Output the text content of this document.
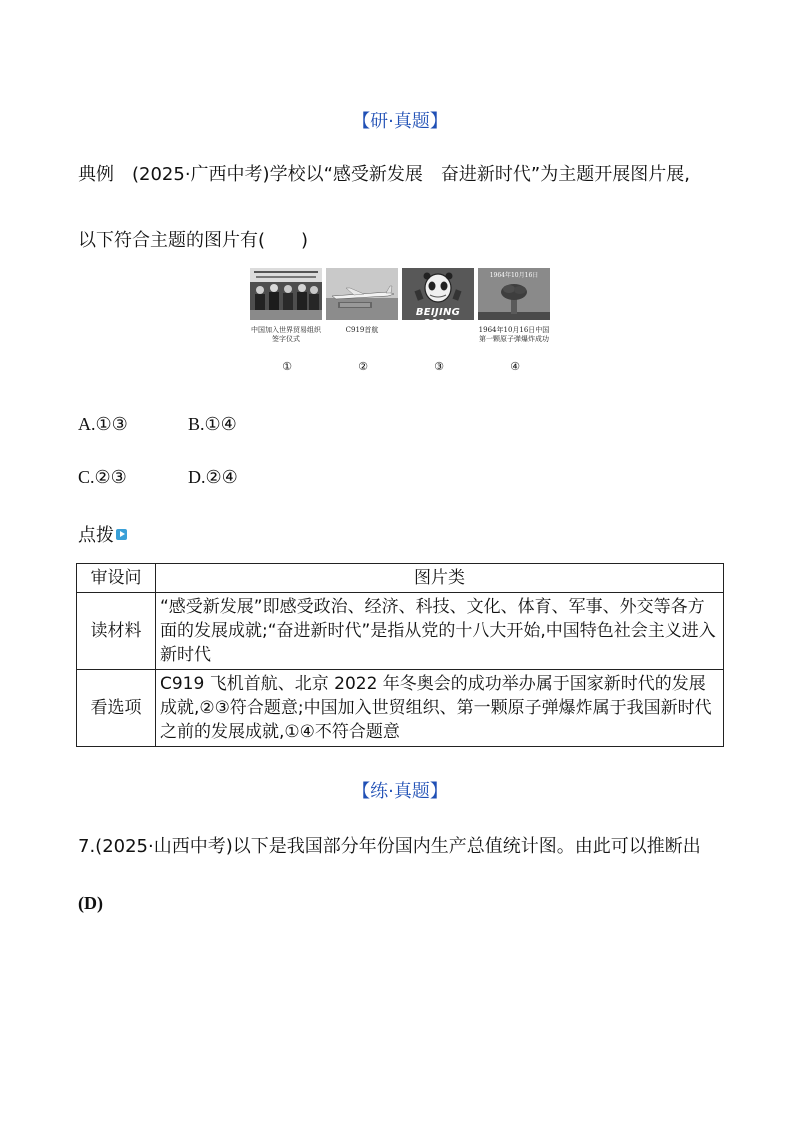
【研·真题】
典例　(2025·广西中考)学校以“感受新发展　奋进新时代”为主题开展图片展,
以下符合主题的图片有(　　)
中国加入世界贸易组织签字仪式
①
C919首航
②
BEIJING 2022
③
1964年10月16日
1964年10月16日中国第一颗原子弹爆炸成功
④
A.①③	B.①④
C.②③	D.②④
点拨
审设问	图片类
读材料	“感受新发展”即感受政治、经济、科技、文化、体育、军事、外交等各方面的发展成就;“奋进新时代”是指从党的十八大开始,中国特色社会主义进入新时代
看选项	C919 飞机首航、北京 2022 年冬奥会的成功举办属于国家新时代的发展成就,②③符合题意;中国加入世贸组织、第一颗原子弹爆炸属于我国新时代之前的发展成就,①④不符合题意
【练·真题】
7.(2025·山西中考)以下是我国部分年份国内生产总值统计图。由此可以推断出
(D)
